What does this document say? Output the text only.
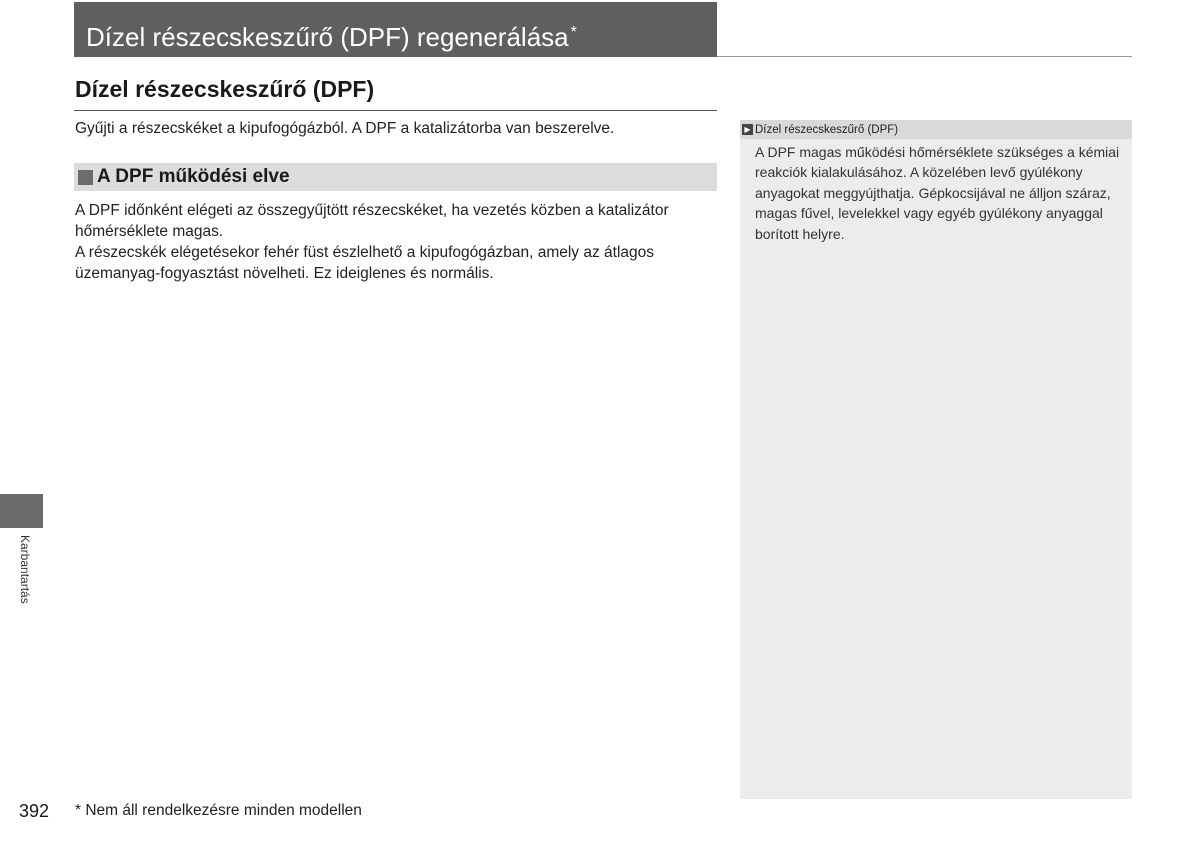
Dízel részecskeszűrő (DPF) regenerálása *
Dízel részecskeszűrő (DPF)
Gyűjti a részecskéket a kipufogógázból. A DPF a katalizátorba van beszerelve.
A DPF működési elve

A DPF időnként elégeti az összegyűjtött részecskéket, ha vezetés közben a katalizátor hőmérséklete magas.

A részecskék elégetésekor fehér füst észlelhető a kipufogógázban, amely az átlagos üzemanyag-fogyasztást növelheti. Ez ideiglenes és normális.

▶ Dízel részecskeszűrő (DPF)
A DPF magas működési hőmérséklete szükséges a kémiai reakciók kialakulásához. A közelében levő gyúlékony anyagokat meggyújthatja. Gépkocsijával ne álljon száraz, magas fűvel, levelekkel vagy egyéb gyúlékony anyaggal borított helyre.
Karbantartás
392 * Nem áll rendelkezésre minden modellen
